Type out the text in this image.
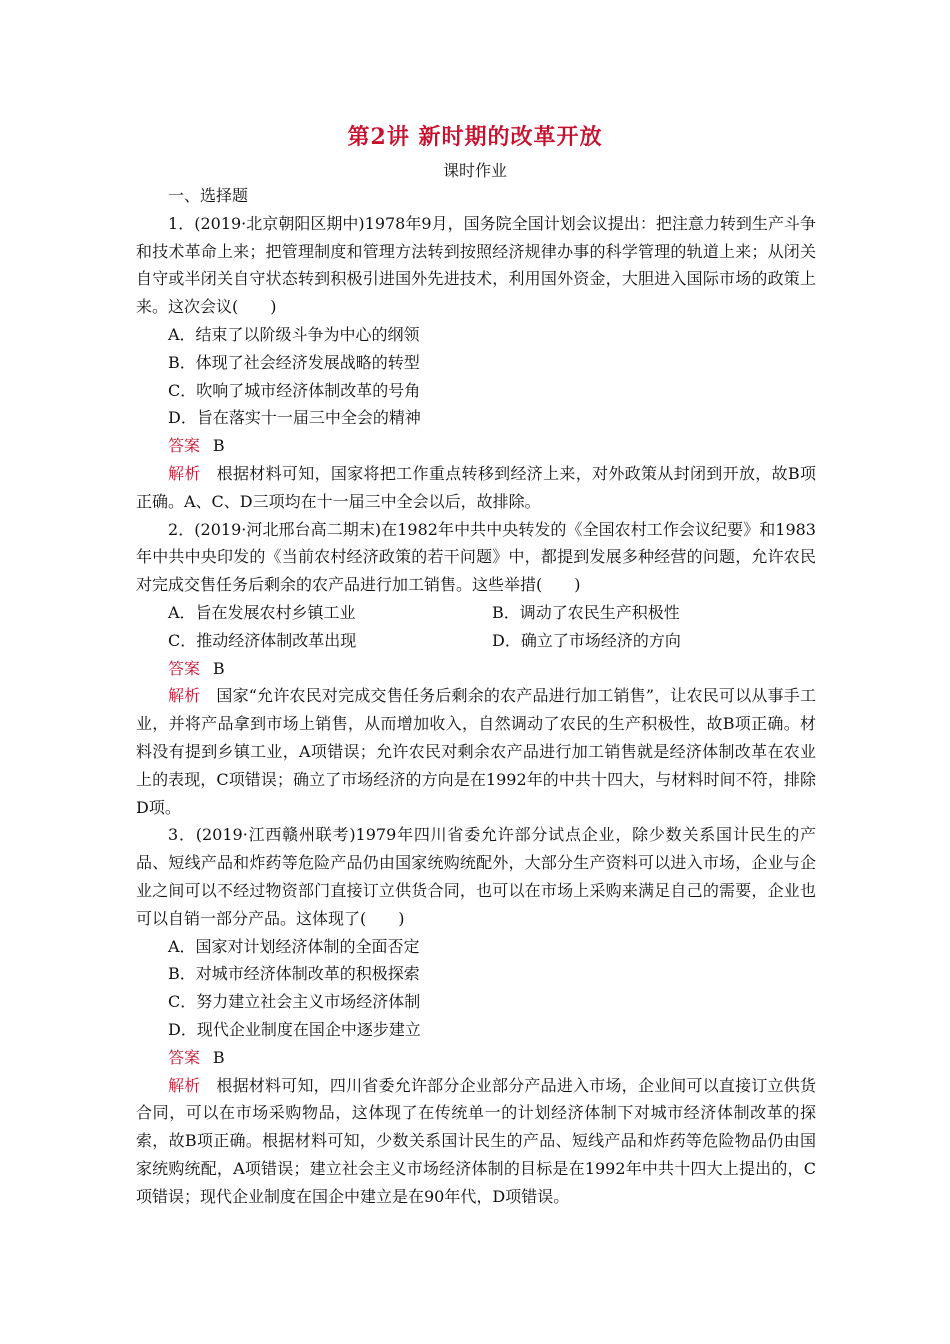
第2讲 新时期的改革开放
课时作业

一、选择题

1．(2019·北京朝阳区期中)1978年9月，国务院全国计划会议提出：把注意力转到生产斗争和技术革命上来；把管理制度和管理方法转到按照经济规律办事的科学管理的轨道上来；从闭关自守或半闭关自守状态转到积极引进国外先进技术，利用国外资金，大胆进入国际市场的政策上来。这次会议(　　)

A．结束了以阶级斗争为中心的纲领

B．体现了社会经济发展战略的转型

C．吹响了城市经济体制改革的号角

D．旨在落实十一届三中全会的精神

答案 B

解析 根据材料可知，国家将把工作重点转移到经济上来，对外政策从封闭到开放，故B项正确。A、C、D三项均在十一届三中全会以后，故排除。

2．(2019·河北邢台高二期末)在1982年中共中央转发的《全国农村工作会议纪要》和1983年中共中央印发的《当前农村经济政策的若干问题》中，都提到发展多种经营的问题，允许农民对完成交售任务后剩余的农产品进行加工销售。这些举措(　　)

A．旨在发展农村乡镇工业	B．调动了农民生产积极性
C．推动经济体制改革出现	D．确立了市场经济的方向

答案 B

解析 国家“允许农民对完成交售任务后剩余的农产品进行加工销售”，让农民可以从事手工业，并将产品拿到市场上销售，从而增加收入，自然调动了农民的生产积极性，故B项正确。材料没有提到乡镇工业，A项错误；允许农民对剩余农产品进行加工销售就是经济体制改革在农业上的表现，C项错误；确立了市场经济的方向是在1992年的中共十四大，与材料时间不符，排除D项。

3．(2019·江西赣州联考)1979年四川省委允许部分试点企业，除少数关系国计民生的产品、短线产品和炸药等危险产品仍由国家统购统配外，大部分生产资料可以进入市场，企业与企业之间可以不经过物资部门直接订立供货合同，也可以在市场上采购来满足自己的需要，企业也可以自销一部分产品。这体现了(　　)

A．国家对计划经济体制的全面否定

B．对城市经济体制改革的积极探索

C．努力建立社会主义市场经济体制

D．现代企业制度在国企中逐步建立

答案 B

解析 根据材料可知，四川省委允许部分企业部分产品进入市场，企业间可以直接订立供货合同，可以在市场采购物品，这体现了在传统单一的计划经济体制下对城市经济体制改革的探索，故B项正确。根据材料可知，少数关系国计民生的产品、短线产品和炸药等危险物品仍由国家统购统配，A项错误；建立社会主义市场经济体制的目标是在1992年中共十四大上提出的，C项错误；现代企业制度在国企中建立是在90年代，D项错误。
